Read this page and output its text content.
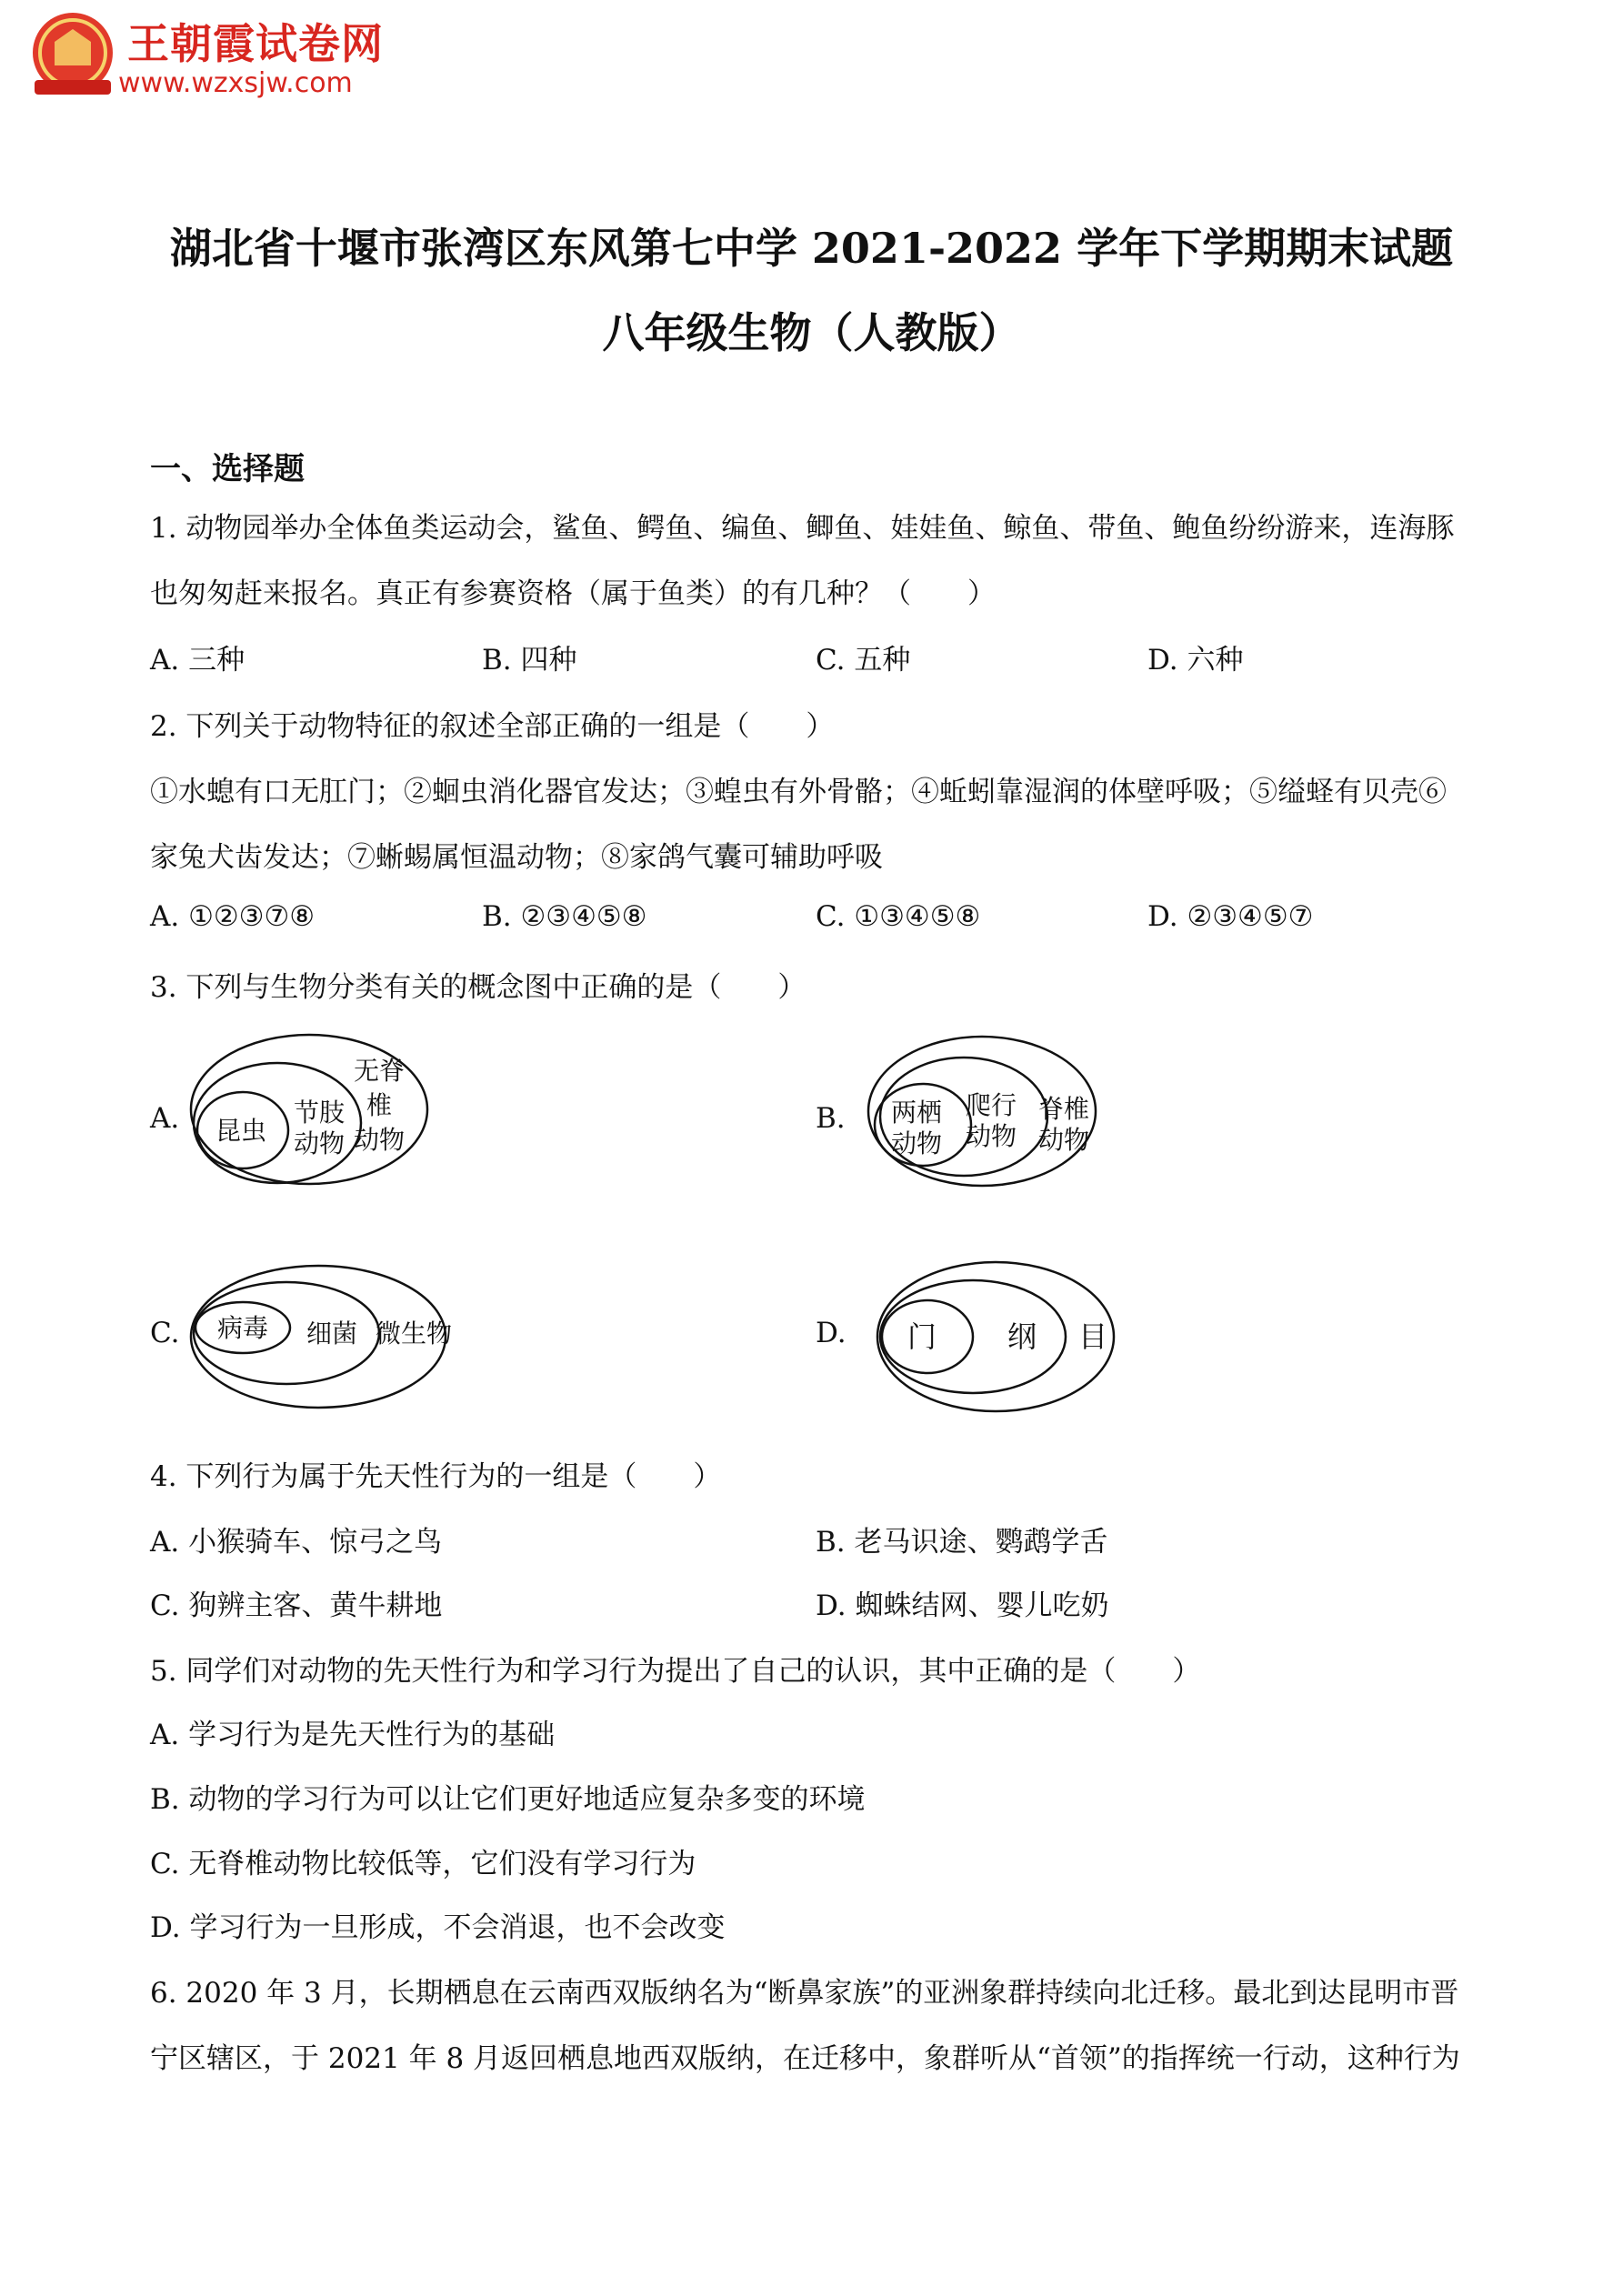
王朝霞试卷网
www.wzxsjw.com
湖北省十堰市张湾区东风第七中学 2021-2022 学年下学期期末试题
八年级生物（人教版）
一、选择题
1. 动物园举办全体鱼类运动会，鲨鱼、鳄鱼、编鱼、鲫鱼、娃娃鱼、鲸鱼、带鱼、鲍鱼纷纷游来，连海豚
也匆匆赶来报名。真正有参赛资格（属于鱼类）的有几种？（　　）
A. 三种	B. 四种	C. 五种	D. 六种
2. 下列关于动物特征的叙述全部正确的一组是（　　）
①水螅有口无肛门；②蛔虫消化器官发达；③蝗虫有外骨骼；④蚯蚓靠湿润的体壁呼吸；⑤缢蛏有贝壳⑥
家兔犬齿发达；⑦蜥蜴属恒温动物；⑧家鸽气囊可辅助呼吸
A. ①②③⑦⑧	B. ②③④⑤⑧	C. ①③④⑤⑧	D. ②③④⑤⑦
3. 下列与生物分类有关的概念图中正确的是（　　）
A. 昆虫
节肢
动物
无脊
椎
动物
B. 两栖
动物
爬行
动物
脊椎
动物
C. 病毒 细菌 微生物	D. 门 纲 目
4. 下列行为属于先天性行为的一组是（　　）
A. 小猴骑车、惊弓之鸟	B. 老马识途、鹦鹉学舌
C. 狗辨主客、黄牛耕地	D. 蜘蛛结网、婴儿吃奶
5. 同学们对动物的先天性行为和学习行为提出了自己的认识，其中正确的是（　　）
A. 学习行为是先天性行为的基础
B. 动物的学习行为可以让它们更好地适应复杂多变的环境
C. 无脊椎动物比较低等，它们没有学习行为
D. 学习行为一旦形成，不会消退，也不会改变
6. 2020 年 3 月，长期栖息在云南西双版纳名为“断鼻家族”的亚洲象群持续向北迁移。最北到达昆明市晋
宁区辖区，于 2021 年 8 月返回栖息地西双版纳，在迁移中，象群听从“首领”的指挥统一行动，这种行为
